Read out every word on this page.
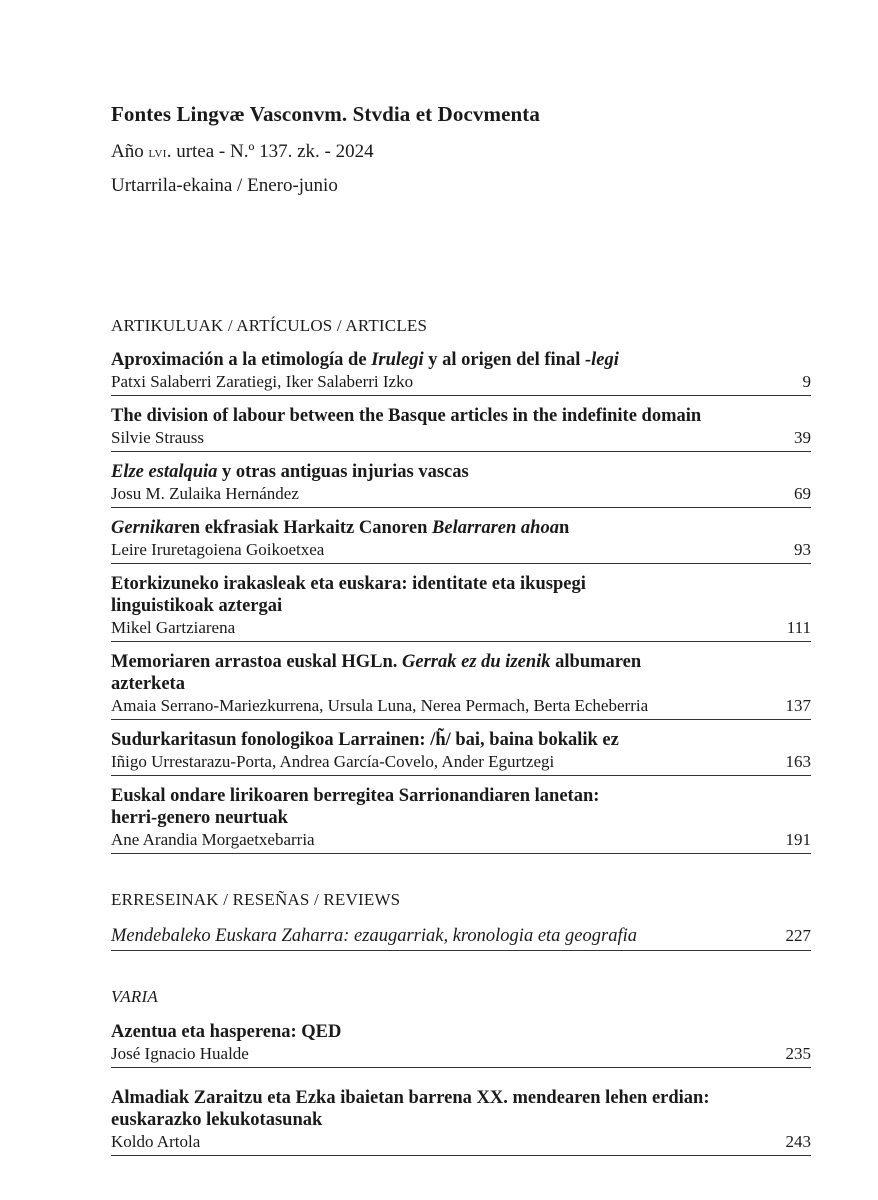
Fontes Lingvæ Vasconvm. Stvdia et Docvmenta
Año lvi. urtea - N.º 137. zk. - 2024
Urtarrila-ekaina / Enero-junio
ARTIKULUAK / ARTÍCULOS / ARTICLES
Aproximación a la etimología de Irulegi y al origen del final -legi
Patxi Salaberri Zaratiegi, Iker Salaberri Izko	9
The division of labour between the Basque articles in the indefinite domain
Silvie Strauss	39
Elze estalquia y otras antiguas injurias vascas
Josu M. Zulaika Hernández	69
Gernikaren ekfrasiak Harkaitz Canoren Belarraren ahoan
Leire Iruretagoiena Goikoetxea	93
Etorkizuneko irakasleak eta euskara: identitate eta ikuspegi
linguistikoak aztergai
Mikel Gartziarena	111
Memoriaren arrastoa euskal HGLn. Gerrak ez du izenik albumaren
azterketa
Amaia Serrano-Mariezkurrena, Ursula Luna, Nerea Permach, Berta Echeberria	137
Sudurkaritasun fonologikoa Larrainen: /h̃/ bai, baina bokalik ez
Iñigo Urrestarazu-Porta, Andrea García-Covelo, Ander Egurtzegi	163
Euskal ondare lirikoaren berregitea Sarrionandiaren lanetan:
herri-genero neurtuak
Ane Arandia Morgaetxebarria	191
ERRESEINAK / RESEÑAS / REVIEWS
Mendebaleko Euskara Zaharra: ezaugarriak, kronologia eta geografia	227
VARIA
Azentua eta hasperena: QED
José Ignacio Hualde	235
Almadiak Zaraitzu eta Ezka ibaietan barrena XX. mendearen lehen erdian:
euskarazko lekukotasunak
Koldo Artola	243
